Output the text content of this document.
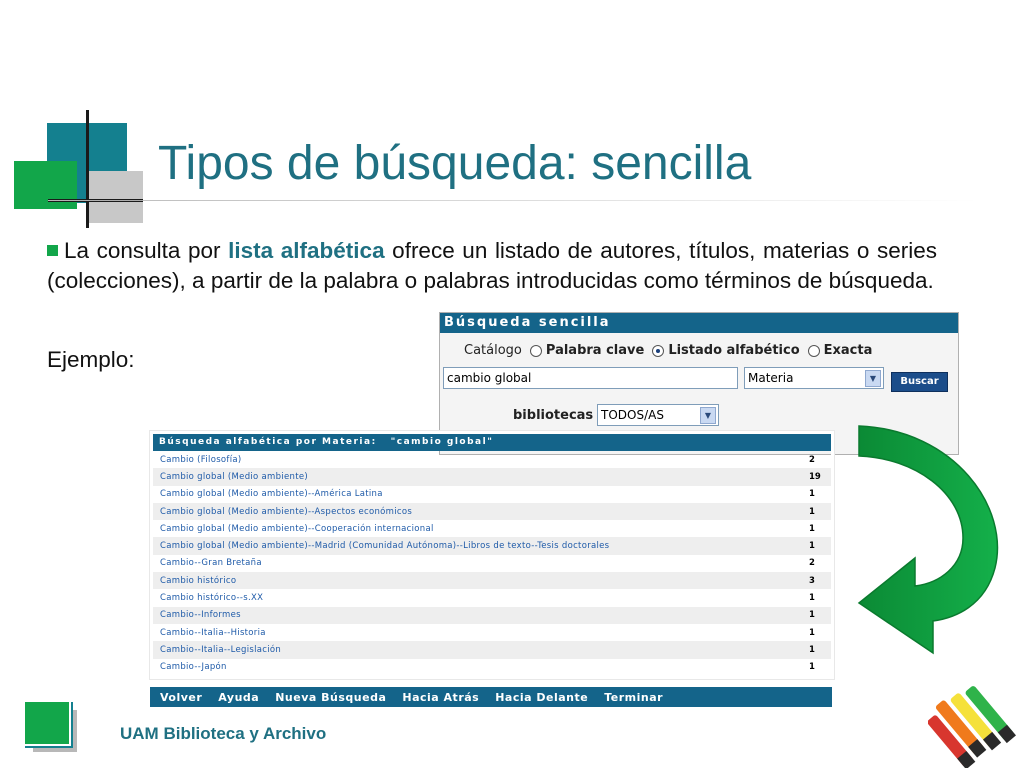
Tipos de búsqueda: sencilla
La consulta por lista alfabética ofrece un listado de autores, títulos, materias o series (colecciones), a partir de la palabra o palabras introducidas como términos de búsqueda.
Ejemplo:
Búsqueda sencilla
Catálogo Palabra clave Listado alfabético Exacta
cambio global	Materia	▼	Buscar
bibliotecas TODOS/AS	▼
Búsqueda alfabética por Materia:   "cambio global"
Cambio (Filosofía)	2
Cambio global (Medio ambiente)	19
Cambio global (Medio ambiente)--América Latina	1
Cambio global (Medio ambiente)--Aspectos económicos	1
Cambio global (Medio ambiente)--Cooperación internacional	1
Cambio global (Medio ambiente)--Madrid (Comunidad Autónoma)--Libros de texto--Tesis doctorales	1
Cambio--Gran Bretaña	2
Cambio histórico	3
Cambio histórico--s.XX	1
Cambio--Informes	1
Cambio--Italia--Historia	1
Cambio--Italia--Legislación	1
Cambio--Japón	1
Volver Ayuda Nueva Búsqueda Hacia Atrás Hacia Delante Terminar
UAM Biblioteca y Archivo
